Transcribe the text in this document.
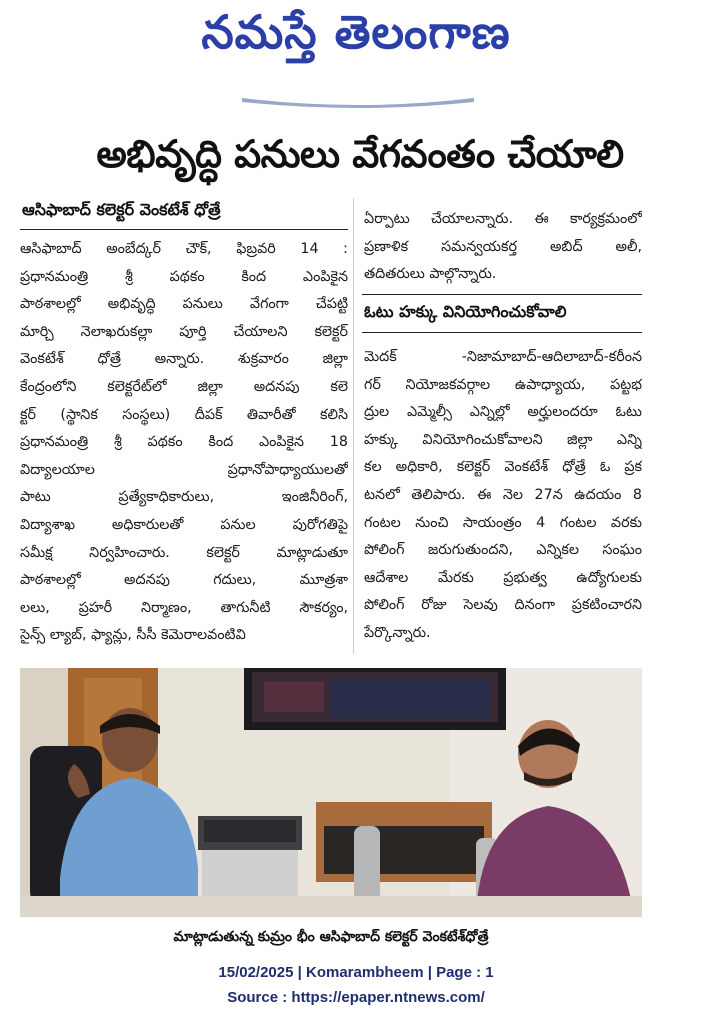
నమస్తే తెలంగాణ
అభివృద్ధి పనులు వేగవంతం చేయాలి
ఆసిఫాబాద్ కలెక్టర్ వెంకటేశ్ ధోత్రే
ఆసిఫాబాద్ అంబేద్కర్ చౌక్, ఫిబ్రవరి 14 :
ప్రధానమంత్రి శ్రీ పథకం కింద ఎంపికైన
పాఠశాలల్లో అభివృద్ధి పనులు వేగంగా చేపట్టి
మార్చి నెలాఖరుకల్లా పూర్తి చేయాలని కలెక్టర్
వెంకటేశ్ ధోత్రే అన్నారు. శుక్రవారం జిల్లా
కేంద్రంలోని కలెక్టరేట్‌లో జిల్లా అదనపు కలె
క్టర్ (స్థానిక సంస్థలు) దీపక్ తివారీతో కలిసి
ప్రధానమంత్రి శ్రీ పథకం కింద ఎంపికైన 18
విద్యాలయాల ప్రధానోపాధ్యాయులతో
పాటు ప్రత్యేకాధికారులు, ఇంజినీరింగ్,
విద్యాశాఖ అధికారులతో పనుల పురోగతిపై
సమీక్ష నిర్వహించారు. కలెక్టర్ మాట్లాడుతూ
పాఠశాలల్లో అదనపు గదులు, మూత్రశా
లలు, ప్రహరీ నిర్మాణం, తాగునీటి సౌకర్యం,
సైన్స్ ల్యాబ్, ఫ్యాన్లు, సీసీ కెమెరాలవంటివి
ఏర్పాటు చేయాలన్నారు. ఈ కార్యక్రమంలో
ప్రణాళిక సమన్వయకర్త అబిద్ అలీ,
తదితరులు పాల్గొన్నారు.
ఓటు హక్కు వినియోగించుకోవాలి
మెదక్ -నిజామాబాద్-ఆదిలాబాద్-కరీంన
గర్ నియోజకవర్గాల ఉపాధ్యాయ, పట్టభ
ద్రుల ఎమ్మెల్సీ ఎన్నిల్లో అర్హులందరూ ఓటు
హక్కు వినియోగించుకోవాలని జిల్లా ఎన్ని
కల అధికారి, కలెక్టర్ వెంకటేశ్ ధోత్రే ఓ ప్రక
టనలో తెలిపారు. ఈ నెల 27న ఉదయం 8
గంటల నుంచి సాయంత్రం 4 గంటల వరకు
పోలింగ్ జరుగుతుందని, ఎన్నికల సంఘం
ఆదేశాల మేరకు ప్రభుత్వ ఉద్యోగులకు
పోలింగ్ రోజు సెలవు దినంగా ప్రకటించారని
పేర్కొన్నారు.
మాట్లాడుతున్న కుమ్రం భీం ఆసిఫాబాద్ కలెక్టర్ వెంకటేశ్‌ధోత్రే
15/02/2025 | Komarambheem | Page : 1
Source : https://epaper.ntnews.com/
